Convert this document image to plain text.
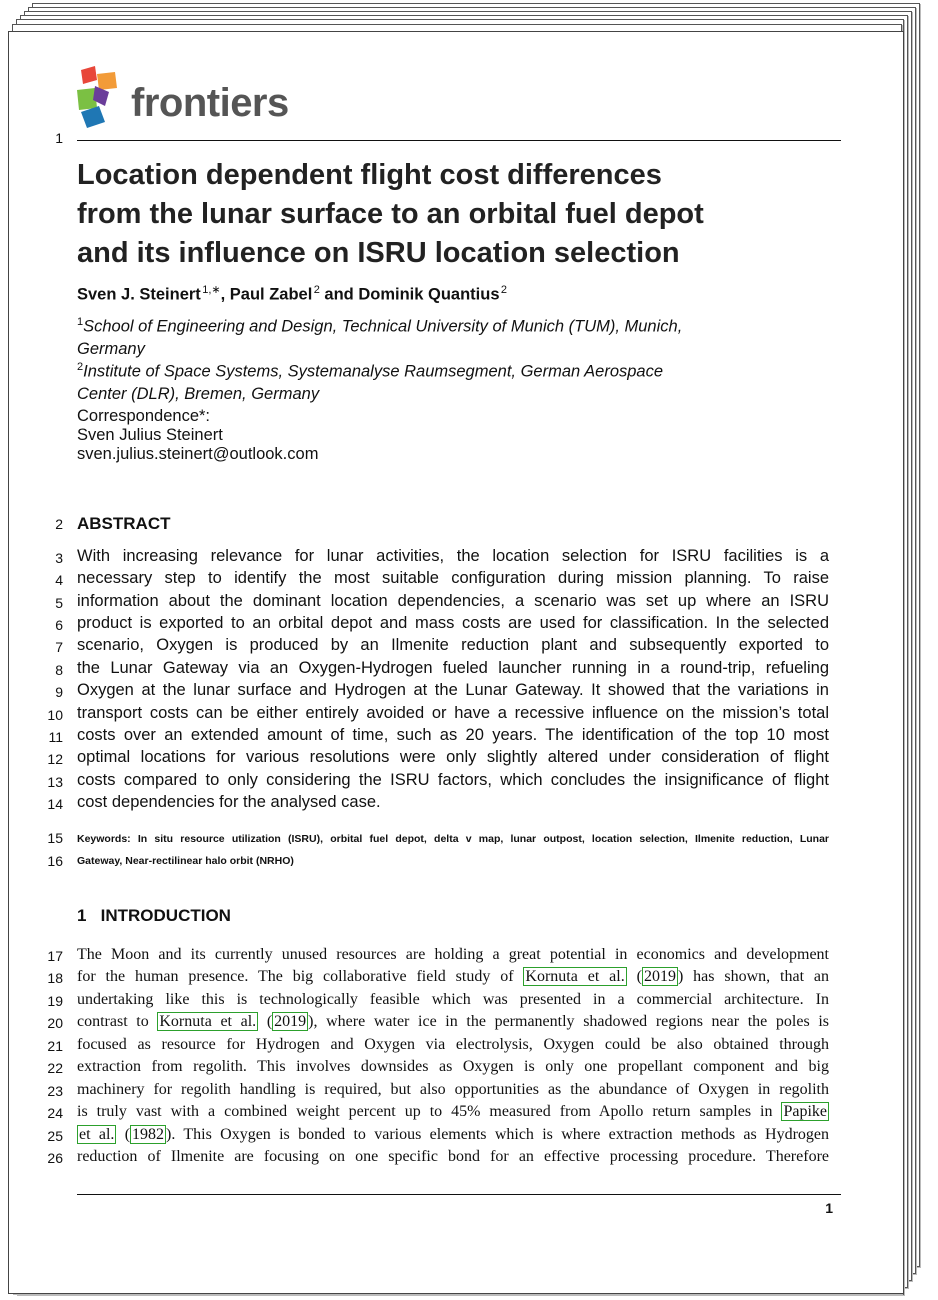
frontiers
1
Location dependent flight cost differences
from the lunar surface to an orbital fuel depot
and its influence on ISRU location selection
Sven J. Steinert $^{1,∗}$, Paul Zabel $^2$ and Dominik Quantius $^2$
$^1$School of Engineering and Design, Technical University of Munich (TUM), Munich,
Germany
$^2$Institute of Space Systems, Systemanalyse Raumsegment, German Aerospace
Center (DLR), Bremen, Germany
Correspondence*:
Sven Julius Steinert
sven.julius.steinert@outlook.com
2 ABSTRACT
3 With increasing relevance for lunar activities, the location selection for ISRU facilities is a
4 necessary step to identify the most suitable configuration during mission planning. To raise
5 information about the dominant location dependencies, a scenario was set up where an ISRU
6 product is exported to an orbital depot and mass costs are used for classification. In the selected
7 scenario, Oxygen is produced by an Ilmenite reduction plant and subsequently exported to
8 the Lunar Gateway via an Oxygen-Hydrogen fueled launcher running in a round-trip, refueling
9 Oxygen at the lunar surface and Hydrogen at the Lunar Gateway. It showed that the variations in
10 transport costs can be either entirely avoided or have a recessive influence on the mission’s total
11 costs over an extended amount of time, such as 20 years. The identification of the top 10 most
12 optimal locations for various resolutions were only slightly altered under consideration of flight
13 costs compared to only considering the ISRU factors, which concludes the insignificance of flight
14 cost dependencies for the analysed case.
15 Keywords: In situ resource utilization (ISRU), orbital fuel depot, delta v map, lunar outpost, location selection, Ilmenite reduction, Lunar
16 Gateway, Near-rectilinear halo orbit (NRHO)
1 INTRODUCTION
17 The Moon and its currently unused resources are holding a great potential in economics and development
18 for the human presence. The big collaborative field study of Kornuta et al. ( 2019 ) has shown, that an
19 undertaking like this is technologically feasible which was presented in a commercial architecture. In
20 contrast to Kornuta et al. ( 2019 ), where water ice in the permanently shadowed regions near the poles is
21 focused as resource for Hydrogen and Oxygen via electrolysis, Oxygen could be also obtained through
22 extraction from regolith. This involves downsides as Oxygen is only one propellant component and big
23 machinery for regolith handling is required, but also opportunities as the abundance of Oxygen in regolith
24 is truly vast with a combined weight percent up to 45% measured from Apollo return samples in Papike
25 et al. ( 1982 ). This Oxygen is bonded to various elements which is where extraction methods as Hydrogen
26 reduction of Ilmenite are focusing on one specific bond for an effective processing procedure. Therefore
1
